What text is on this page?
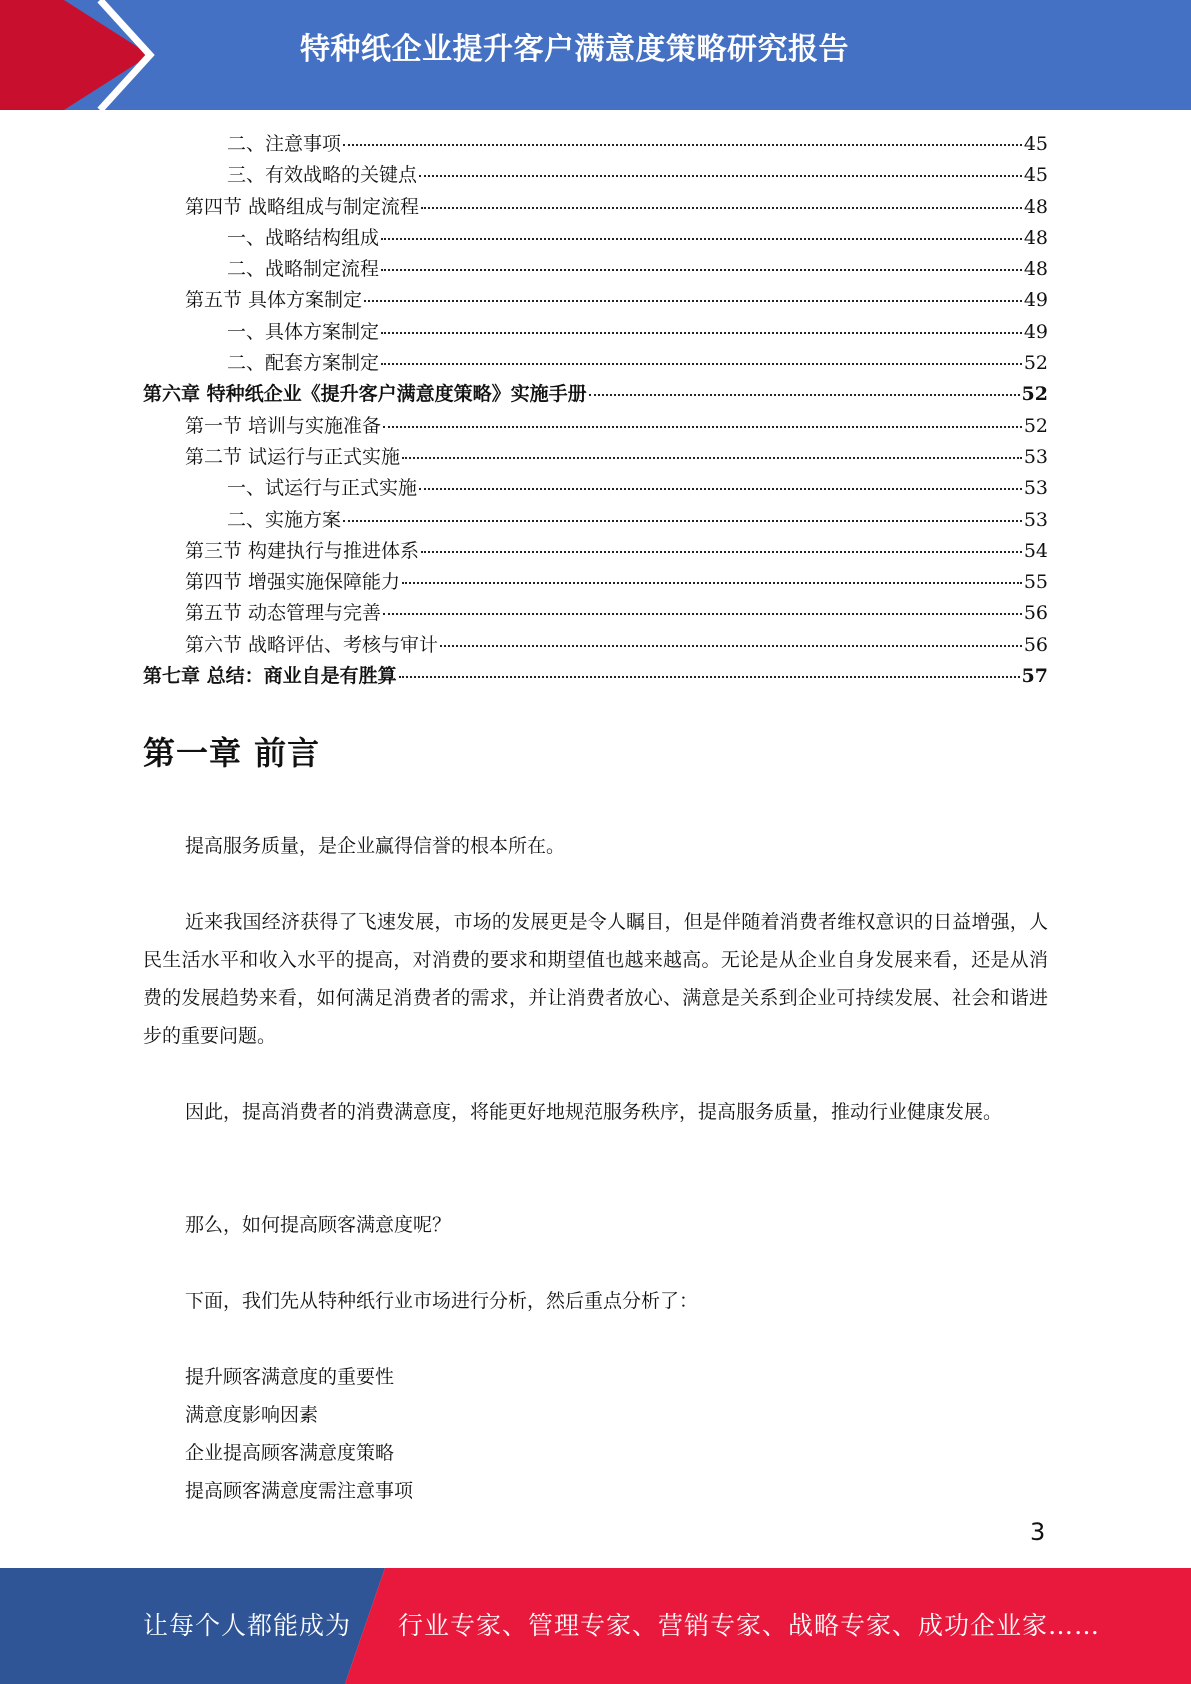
特种纸企业提升客户满意度策略研究报告
二、注意事项	45
三、有效战略的关键点	45
第四节 战略组成与制定流程	48
一、战略结构组成	48
二、战略制定流程	48
第五节 具体方案制定	49
一、具体方案制定	49
二、配套方案制定	52
第六章 特种纸企业《提升客户满意度策略》实施手册	52
第一节 培训与实施准备	52
第二节 试运行与正式实施	53
一、试运行与正式实施	53
二、实施方案	53
第三节 构建执行与推进体系	54
第四节 增强实施保障能力	55
第五节 动态管理与完善	56
第六节 战略评估、考核与审计	56
第七章 总结：商业自是有胜算	57
第一章 前言

提高服务质量，是企业赢得信誉的根本所在。

近来我国经济获得了飞速发展，市场的发展更是令人瞩目，但是伴随着消费者维权意识的日益增强，人民生活水平和收入水平的提高，对消费的要求和期望值也越来越高。无论是从企业自身发展来看，还是从消费的发展趋势来看，如何满足消费者的需求，并让消费者放心、满意是关系到企业可持续发展、社会和谐进步的重要问题。

因此，提高消费者的消费满意度，将能更好地规范服务秩序，提高服务质量，推动行业健康发展。

那么，如何提高顾客满意度呢？

下面，我们先从特种纸行业市场进行分析，然后重点分析了：

提升顾客满意度的重要性
满意度影响因素
企业提高顾客满意度策略
提高顾客满意度需注意事项
3
让每个人都能成为 行业专家、管理专家、营销专家、战略专家、成功企业家……
